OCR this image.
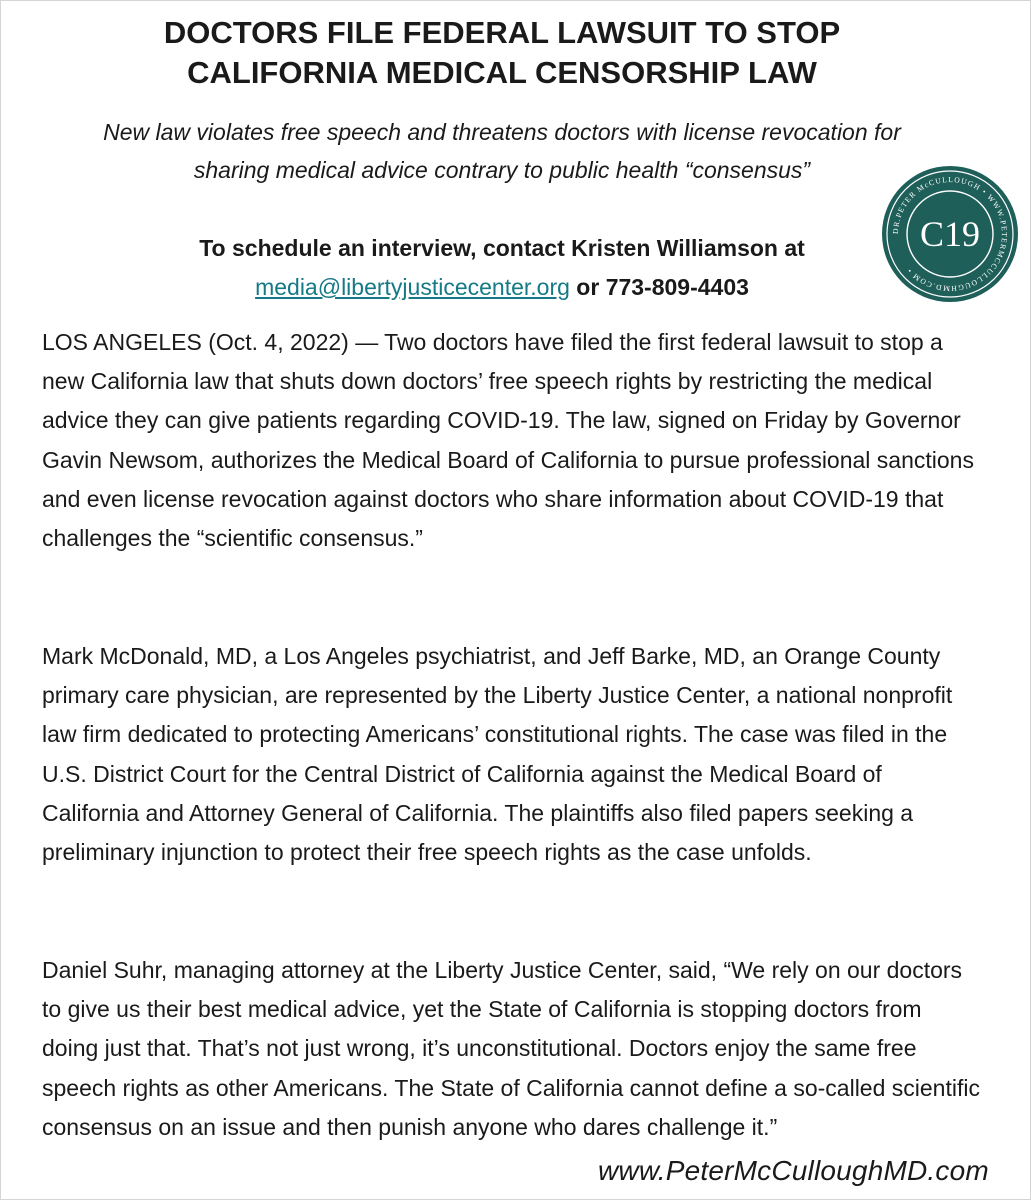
DOCTORS FILE FEDERAL LAWSUIT TO STOP
CALIFORNIA MEDICAL CENSORSHIP LAW

New law violates free speech and threatens doctors with license revocation for
sharing medical advice contrary to public health “consensus”

DR.PETER McCULLOUGH • WWW.PETERMCCULLOUGHMD.COM •
C19
To schedule an interview, contact Kristen Williamson at
media@libertyjusticecenter.org or 773-809-4403

LOS ANGELES (Oct. 4, 2022) — Two doctors have filed the first federal lawsuit to stop a new California law that shuts down doctors’ free speech rights by restricting the medical advice they can give patients regarding COVID-19. The law, signed on Friday by Governor Gavin Newsom, authorizes the Medical Board of California to pursue professional sanctions and even license revocation against doctors who share information about COVID-19 that challenges the “scientific consensus.”

Mark McDonald, MD, a Los Angeles psychiatrist, and Jeff Barke, MD, an Orange County primary care physician, are represented by the Liberty Justice Center, a national nonprofit law firm dedicated to protecting Americans’ constitutional rights. The case was filed in the U.S. District Court for the Central District of California against the Medical Board of California and Attorney General of California. The plaintiffs also filed papers seeking a preliminary injunction to protect their free speech rights as the case unfolds.

Daniel Suhr, managing attorney at the Liberty Justice Center, said, “We rely on our doctors to give us their best medical advice, yet the State of California is stopping doctors from doing just that. That’s not just wrong, it’s unconstitutional. Doctors enjoy the same free speech rights as other Americans. The State of California cannot define a so-called scientific consensus on an issue and then punish anyone who dares challenge it.”

www.PeterMcCulloughMD.com
